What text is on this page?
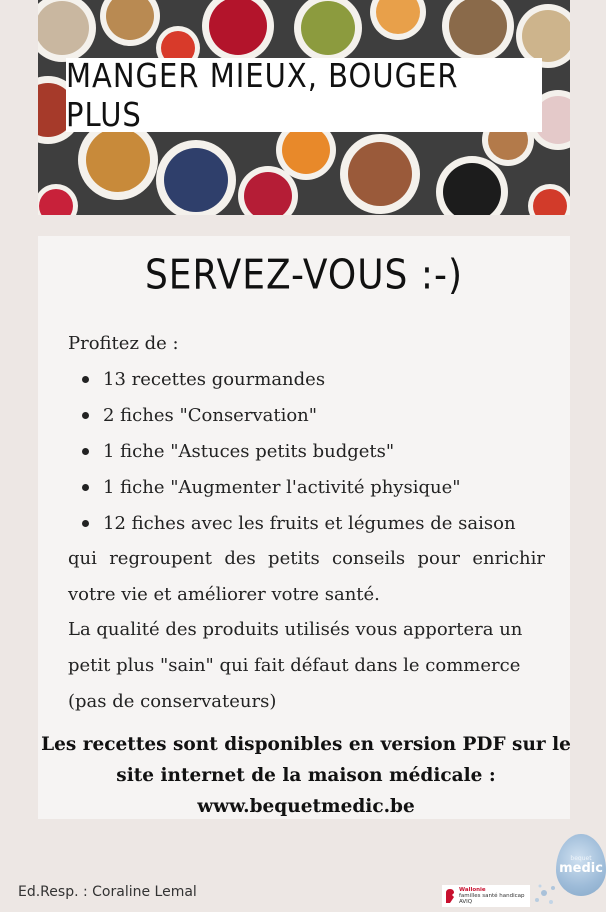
MANGER MIEUX, BOUGER PLUS
SERVEZ-VOUS :-)
Profitez de :
13 recettes gourmandes
2 fiches "Conservation"
1 fiche "Astuces petits budgets"
1 fiche "Augmenter l'activité physique"
12 fiches avec les fruits et légumes de saison
qui regroupent des petits conseils pour enrichir votre vie et améliorer votre santé.
La qualité des produits utilisés vous apportera un
petit plus "sain" qui fait défaut dans le commerce
(pas de conservateurs)
Les recettes sont disponibles en version PDF sur le
site internet de la maison médicale :
www.bequetmedic.be
Ed.Resp. : Coraline Lemal	Wallonie
familles santé handicap
AVIQ
bequet
medic
